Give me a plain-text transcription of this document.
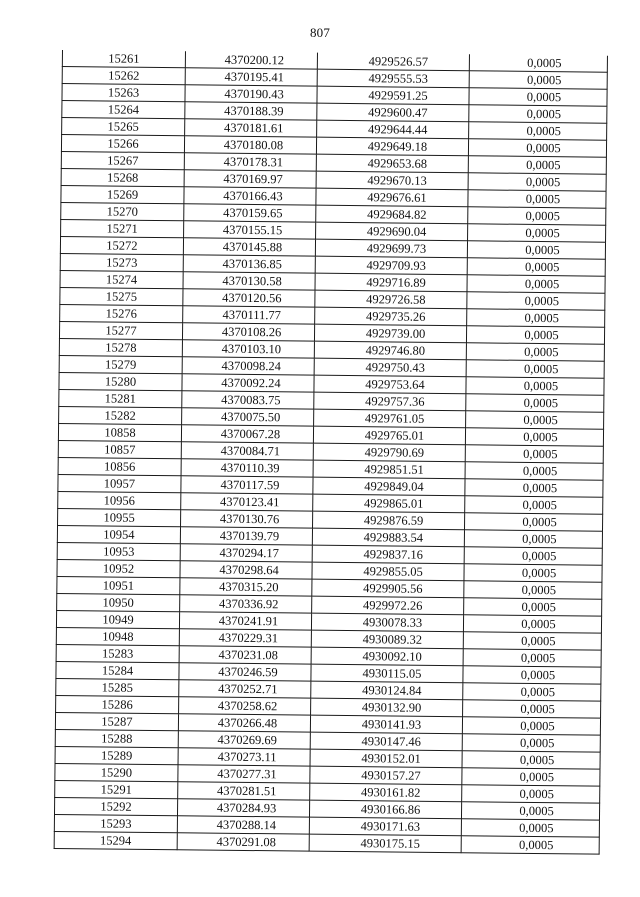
807
15261	4370200.12	4929526.57	0,0005
15262	4370195.41	4929555.53	0,0005
15263	4370190.43	4929591.25	0,0005
15264	4370188.39	4929600.47	0,0005
15265	4370181.61	4929644.44	0,0005
15266	4370180.08	4929649.18	0,0005
15267	4370178.31	4929653.68	0,0005
15268	4370169.97	4929670.13	0,0005
15269	4370166.43	4929676.61	0,0005
15270	4370159.65	4929684.82	0,0005
15271	4370155.15	4929690.04	0,0005
15272	4370145.88	4929699.73	0,0005
15273	4370136.85	4929709.93	0,0005
15274	4370130.58	4929716.89	0,0005
15275	4370120.56	4929726.58	0,0005
15276	4370111.77	4929735.26	0,0005
15277	4370108.26	4929739.00	0,0005
15278	4370103.10	4929746.80	0,0005
15279	4370098.24	4929750.43	0,0005
15280	4370092.24	4929753.64	0,0005
15281	4370083.75	4929757.36	0,0005
15282	4370075.50	4929761.05	0,0005
10858	4370067.28	4929765.01	0,0005
10857	4370084.71	4929790.69	0,0005
10856	4370110.39	4929851.51	0,0005
10957	4370117.59	4929849.04	0,0005
10956	4370123.41	4929865.01	0,0005
10955	4370130.76	4929876.59	0,0005
10954	4370139.79	4929883.54	0,0005
10953	4370294.17	4929837.16	0,0005
10952	4370298.64	4929855.05	0,0005
10951	4370315.20	4929905.56	0,0005
10950	4370336.92	4929972.26	0,0005
10949	4370241.91	4930078.33	0,0005
10948	4370229.31	4930089.32	0,0005
15283	4370231.08	4930092.10	0,0005
15284	4370246.59	4930115.05	0,0005
15285	4370252.71	4930124.84	0,0005
15286	4370258.62	4930132.90	0,0005
15287	4370266.48	4930141.93	0,0005
15288	4370269.69	4930147.46	0,0005
15289	4370273.11	4930152.01	0,0005
15290	4370277.31	4930157.27	0,0005
15291	4370281.51	4930161.82	0,0005
15292	4370284.93	4930166.86	0,0005
15293	4370288.14	4930171.63	0,0005
15294	4370291.08	4930175.15	0,0005
